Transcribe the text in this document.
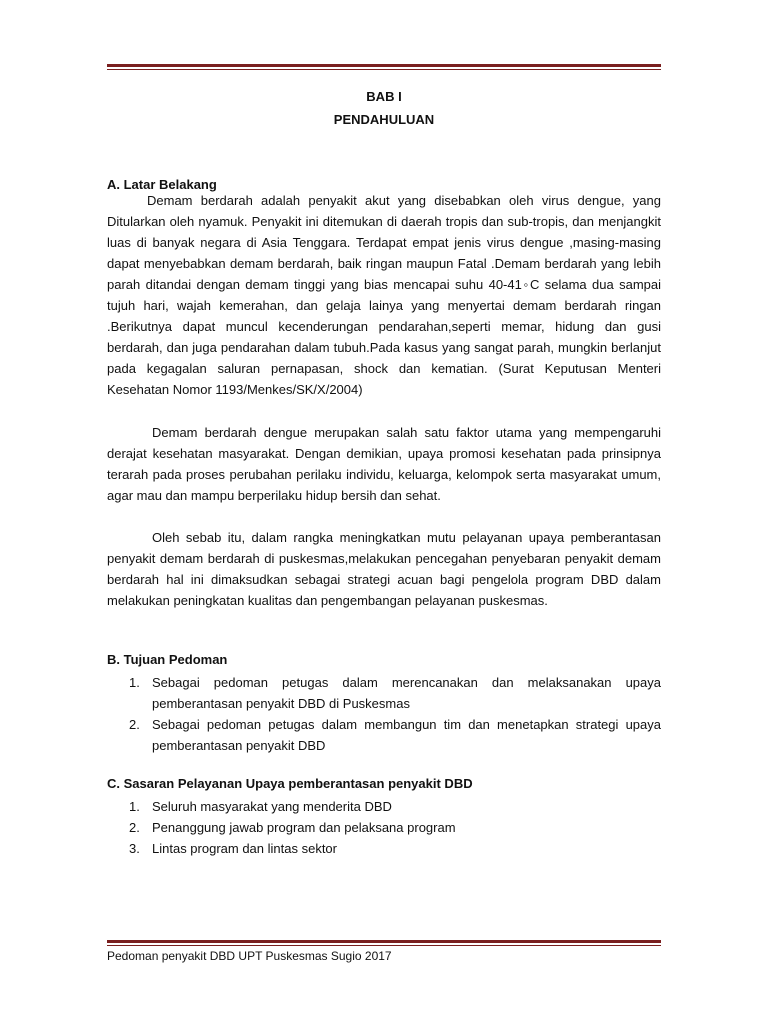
BAB I
PENDAHULUAN
A. Latar Belakang

Demam berdarah adalah penyakit akut yang disebabkan oleh virus dengue, yang Ditularkan oleh nyamuk. Penyakit ini ditemukan di daerah tropis dan sub-tropis, dan menjangkit luas di banyak negara di Asia Tenggara. Terdapat empat jenis virus dengue ,masing-masing dapat menyebabkan demam berdarah, baik ringan maupun Fatal .Demam berdarah yang lebih parah ditandai dengan demam tinggi yang bias mencapai suhu 40-41◦C selama dua sampai tujuh hari, wajah kemerahan, dan gelaja lainya yang menyertai demam berdarah ringan .Berikutnya dapat muncul kecenderungan pendarahan,seperti memar, hidung dan gusi berdarah, dan juga pendarahan dalam tubuh.Pada kasus yang sangat parah, mungkin berlanjut pada kegagalan saluran pernapasan, shock dan kematian. (Surat Keputusan Menteri Kesehatan Nomor 1193/Menkes/SK/X/2004)

Demam berdarah dengue merupakan salah satu faktor utama yang mempengaruhi derajat kesehatan masyarakat. Dengan demikian, upaya promosi kesehatan pada prinsipnya terarah pada proses perubahan perilaku individu, keluarga, kelompok serta masyarakat umum, agar mau dan mampu berperilaku hidup bersih dan sehat.

Oleh sebab itu, dalam rangka meningkatkan mutu pelayanan upaya pemberantasan penyakit demam berdarah di puskesmas,melakukan pencegahan penyebaran penyakit demam berdarah hal ini dimaksudkan sebagai strategi acuan bagi pengelola program DBD dalam melakukan peningkatan kualitas dan pengembangan pelayanan puskesmas.

B. Tujuan Pedoman
1. Sebagai pedoman petugas dalam merencanakan dan melaksanakan upaya pemberantasan penyakit DBD di Puskesmas
2. Sebagai pedoman petugas dalam membangun tim dan menetapkan strategi upaya pemberantasan penyakit DBD
C. Sasaran Pelayanan Upaya pemberantasan penyakit DBD
1. Seluruh masyarakat yang menderita DBD
2. Penanggung jawab program dan pelaksana program
3. Lintas program dan lintas sektor
Pedoman penyakit DBD UPT Puskesmas Sugio 2017
